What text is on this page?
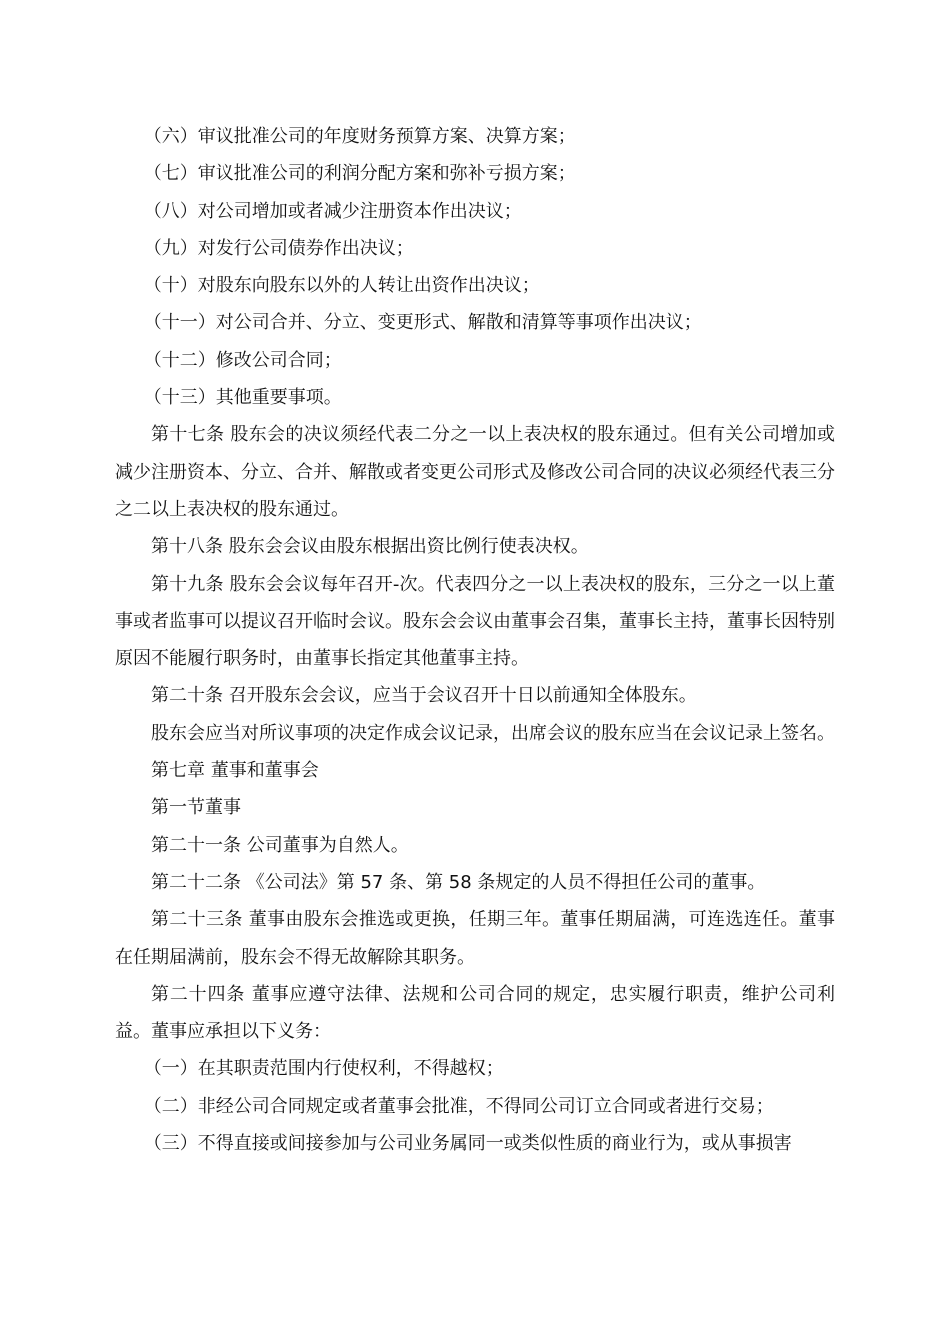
（六）审议批准公司的年度财务预算方案、决算方案；

（七）审议批准公司的利润分配方案和弥补亏损方案；

（八）对公司增加或者减少注册资本作出决议；

（九）对发行公司债券作出决议；

（十）对股东向股东以外的人转让出资作出决议；

（十一）对公司合并、分立、变更形式、解散和清算等事项作出决议；

（十二）修改公司合同；

（十三）其他重要事项。

第十七条 股东会的决议须经代表二分之一以上表决权的股东通过。但有关公司增加或减少注册资本、分立、合并、解散或者变更公司形式及修改公司合同的决议必须经代表三分之二以上表决权的股东通过。

第十八条 股东会会议由股东根据出资比例行使表决权。

第十九条 股东会会议每年召开-次。代表四分之一以上表决权的股东，三分之一以上董事或者监事可以提议召开临时会议。股东会会议由董事会召集，董事长主持，董事长因特别原因不能履行职务时，由董事长指定其他董事主持。

第二十条 召开股东会会议，应当于会议召开十日以前通知全体股东。

股东会应当对所议事项的决定作成会议记录，出席会议的股东应当在会议记录上签名。

第七章 董事和董事会

第一节董事

第二十一条 公司董事为自然人。

第二十二条 《公司法》第 57 条、第 58 条规定的人员不得担任公司的董事。

第二十三条 董事由股东会推选或更换，任期三年。董事任期届满，可连选连任。董事在任期届满前，股东会不得无故解除其职务。

第二十四条 董事应遵守法律、法规和公司合同的规定，忠实履行职责，维护公司利益。董事应承担以下义务：

（一）在其职责范围内行使权利，不得越权；

（二）非经公司合同规定或者董事会批准，不得同公司订立合同或者进行交易；

（三）不得直接或间接参加与公司业务属同一或类似性质的商业行为，或从事损害
